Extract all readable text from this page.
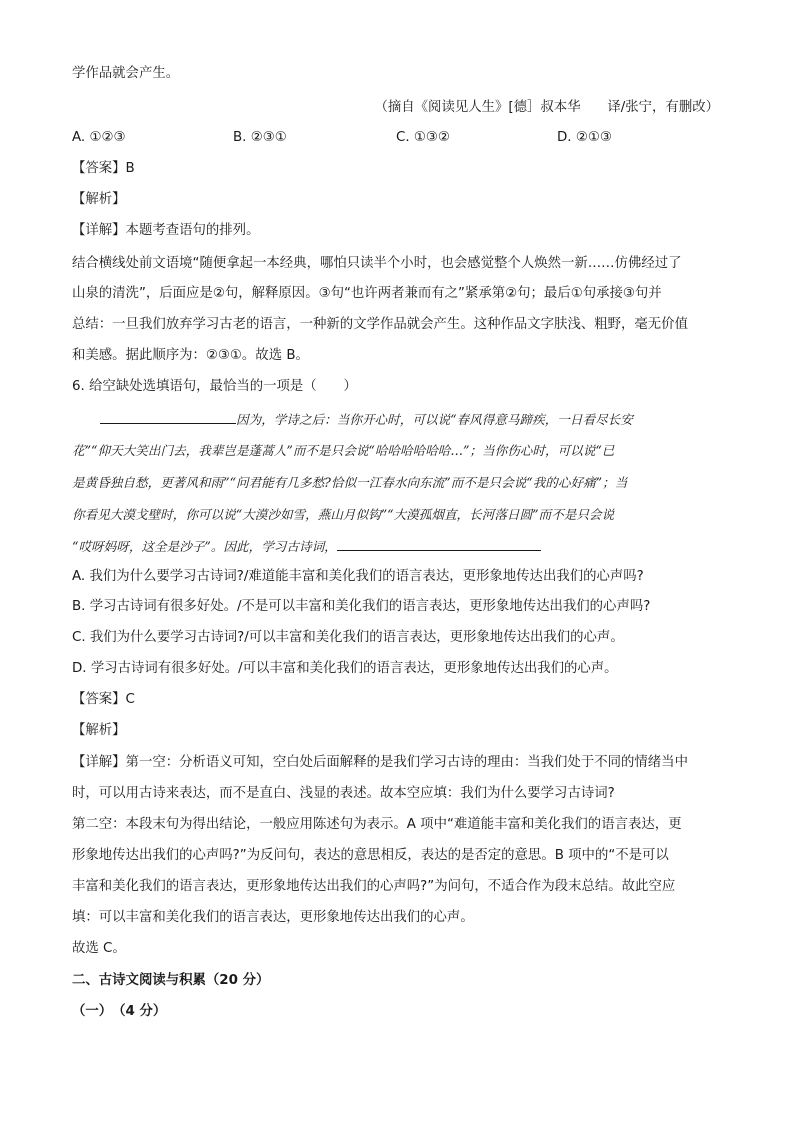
学作品就会产生。
（摘自《阅读见人生》[德］叔本华　　译/张宁，有删改）
A. ①②③	B. ②③①	C. ①③②	D. ②①③
【答案】B
【解析】
【详解】本题考查语句的排列。
结合横线处前文语境“随便拿起一本经典，哪怕只读半个小时，也会感觉整个人焕然一新……仿佛经过了
山泉的清洗”，后面应是②句，解释原因。③句“也许两者兼而有之”紧承第②句；最后①句承接③句并
总结：一旦我们放弃学习古老的语言，一种新的文学作品就会产生。这种作品文字肤浅、粗野，毫无价值
和美感。据此顺序为：②③①。故选 B。
6. 给空缺处选填语句，最恰当的一项是（　　）
因为，学诗之后：当你开心时，可以说“春风得意马蹄疾，一日看尽长安
花”“仰天大笑出门去，我辈岂是蓬蒿人”而不是只会说“哈哈哈哈哈哈…”；当你伤心时，可以说“已
是黄昏独自愁，更著风和雨”“问君能有几多愁?恰似一江春水向东流”而不是只会说“我的心好痛”；当
你看见大漠戈壁时，你可以说“大漠沙如雪，燕山月似钩”“大漠孤烟直，长河落日圆”而不是只会说
“哎呀妈呀，这全是沙子”。因此，学习古诗词，
A. 我们为什么要学习古诗词?/难道能丰富和美化我们的语言表达，更形象地传达出我们的心声吗?
B. 学习古诗词有很多好处。/不是可以丰富和美化我们的语言表达，更形象地传达出我们的心声吗?
C. 我们为什么要学习古诗词?/可以丰富和美化我们的语言表达，更形象地传达出我们的心声。
D. 学习古诗词有很多好处。/可以丰富和美化我们的语言表达，更形象地传达出我们的心声。
【答案】C
【解析】
【详解】第一空：分析语义可知，空白处后面解释的是我们学习古诗的理由：当我们处于不同的情绪当中
时，可以用古诗来表达，而不是直白、浅显的表述。故本空应填：我们为什么要学习古诗词?
第二空：本段末句为得出结论，一般应用陈述句为表示。A 项中“难道能丰富和美化我们的语言表达，更
形象地传达出我们的心声吗?”为反问句，表达的意思相反，表达的是否定的意思。B 项中的“不是可以
丰富和美化我们的语言表达，更形象地传达出我们的心声吗?”为问句，不适合作为段末总结。故此空应
填：可以丰富和美化我们的语言表达，更形象地传达出我们的心声。
故选 C。
二、古诗文阅读与积累（20 分）
（一）　（4 分）
